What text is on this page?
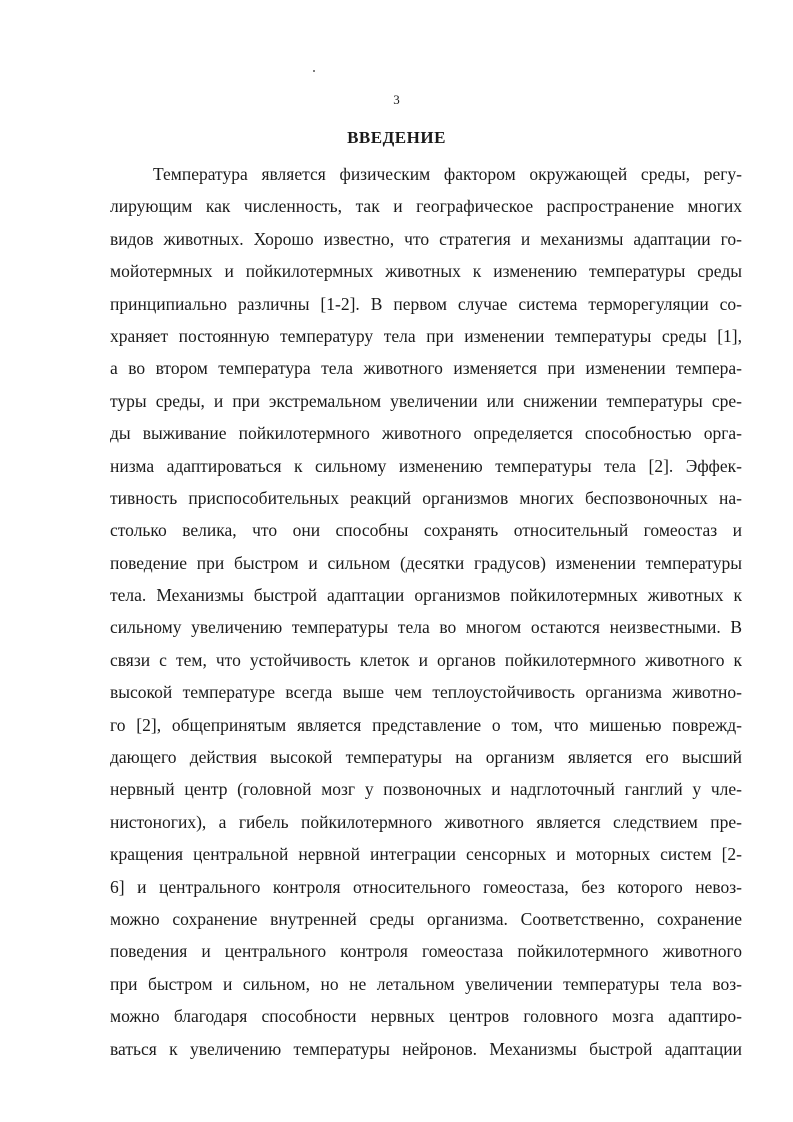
3
ВВЕДЕНИЕ
Температура является физическим фактором окружающей среды, регу-
лирующим как численность, так и географическое распространение многих
видов животных. Хорошо известно, что стратегия и механизмы адаптации го-
мойотермных и пойкилотермных животных к изменению температуры среды
принципиально различны [1-2]. В первом случае система терморегуляции со-
храняет постоянную температуру тела при изменении температуры среды [1],
а во втором температура тела животного изменяется при изменении темпера-
туры среды, и при экстремальном увеличении или снижении температуры сре-
ды выживание пойкилотермного животного определяется способностью орга-
низма адаптироваться к сильному изменению температуры тела [2]. Эффек-
тивность приспособительных реакций организмов многих беспозвоночных на-
столько велика, что они способны сохранять относительный гомеостаз и
поведение при быстром и сильном (десятки градусов) изменении температуры
тела. Механизмы быстрой адаптации организмов пойкилотермных животных к
сильному увеличению температуры тела во многом остаются неизвестными. В
связи с тем, что устойчивость клеток и органов пойкилотермного животного к
высокой температуре всегда выше чем теплоустойчивость организма животно-
го [2], общепринятым является представление о том, что мишенью поврежд-
дающего действия высокой температуры на организм является его высший
нервный центр (головной мозг у позвоночных и надглоточный ганглий у чле-
нистоногих), а гибель пойкилотермного животного является следствием пре-
кращения центральной нервной интеграции сенсорных и моторных систем [2-
6] и центрального контроля относительного гомеостаза, без которого невоз-
можно сохранение внутренней среды организма. Соответственно, сохранение
поведения и центрального контроля гомеостаза пойкилотермного животного
при быстром и сильном, но не летальном увеличении температуры тела воз-
можно благодаря способности нервных центров головного мозга адаптиро-
ваться к увеличению температуры нейронов. Механизмы быстрой адаптации
